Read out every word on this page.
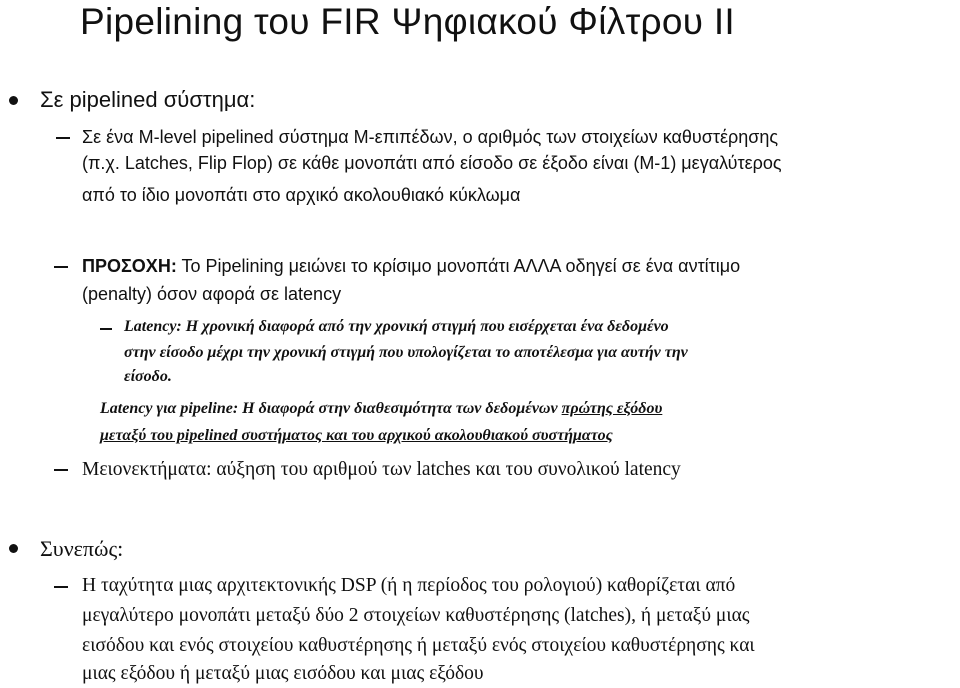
Pipelining του FIR Ψηφιακού Φίλτρου ΙΙ
Σε pipelined σύστημα:
Σε ένα M-level pipelined σύστημα Μ-επιπέδων, ο αριθμός των στοιχείων καθυστέρησης
(π.χ. Latches, Flip Flop) σε κάθε μονοπάτι από είσοδο σε έξοδο είναι (Μ-1) μεγαλύτερος
από το ίδιο μονοπάτι στο αρχικό ακολουθιακό κύκλωμα
ΠΡΟΣΟΧΗ: Το Pipelining μειώνει το κρίσιμο μονοπάτι ΑΛΛΑ οδηγεί σε ένα αντίτιμο
(penalty) όσον αφορά σε latency
Latency: Η χρονική διαφορά από την χρονική στιγμή που εισέρχεται ένα δεδομένο
στην είσοδο μέχρι την χρονική στιγμή που υπολογίζεται το αποτέλεσμα για αυτήν την
είσοδο.
Latency για pipeline: Η διαφορά στην διαθεσιμότητα των δεδομένων πρώτης εξόδου
μεταξύ του pipelined συστήματος και του αρχικού ακολουθιακού συστήματος
Μειονεκτήματα: αύξηση του αριθμού των latches και του συνολικού latency
Συνεπώς:
Η ταχύτητα μιας αρχιτεκτονικής DSP (ή η περίοδος του ρολογιού) καθορίζεται από
μεγαλύτερο μονοπάτι μεταξύ δύο 2 στοιχείων καθυστέρησης (latches), ή μεταξύ μιας
εισόδου και ενός στοιχείου καθυστέρησης ή μεταξύ ενός στοιχείου καθυστέρησης και
μιας εξόδου ή μεταξύ μιας εισόδου και μιας εξόδου
